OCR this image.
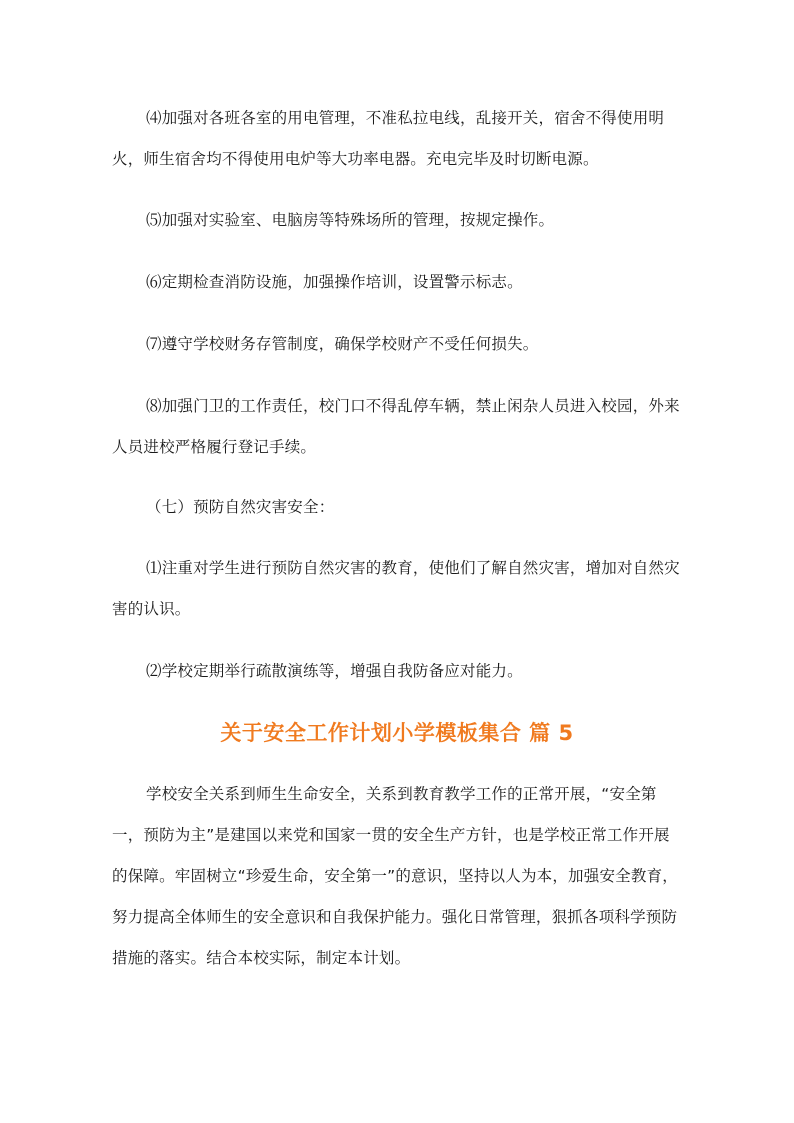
⑷加强对各班各室的用电管理，不准私拉电线，乱接开关，宿舍不得使用明火，师生宿舍均不得使用电炉等大功率电器。充电完毕及时切断电源。

⑸加强对实验室、电脑房等特殊场所的管理，按规定操作。

⑹定期检查消防设施，加强操作培训，设置警示标志。

⑺遵守学校财务存管制度，确保学校财产不受任何损失。

⑻加强门卫的工作责任，校门口不得乱停车辆，禁止闲杂人员进入校园，外来人员进校严格履行登记手续。

（七）预防自然灾害安全：

⑴注重对学生进行预防自然灾害的教育，使他们了解自然灾害，增加对自然灾害的认识。

⑵学校定期举行疏散演练等，增强自我防备应对能力。

关于安全工作计划小学模板集合 篇 5

学校安全关系到师生生命安全，关系到教育教学工作的正常开展，“安全第一，预防为主”是建国以来党和国家一贯的安全生产方针，也是学校正常工作开展的保障。牢固树立“珍爱生命，安全第一”的意识，坚持以人为本，加强安全教育，努力提高全体师生的安全意识和自我保护能力。强化日常管理，狠抓各项科学预防措施的落实。结合本校实际，制定本计划。
